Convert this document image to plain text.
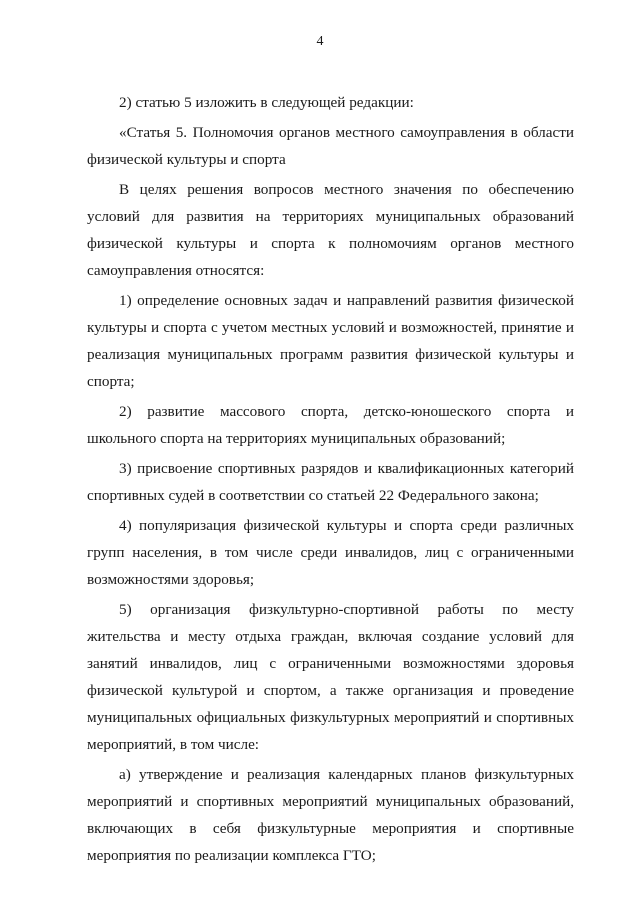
4

2) статью 5 изложить в следующей редакции:

«Статья 5. Полномочия органов местного самоуправления в области физической культуры и спорта

В целях решения вопросов местного значения по обеспечению условий для развития на территориях муниципальных образований физической культуры и спорта к полномочиям органов местного самоуправления относятся:

1) определение основных задач и направлений развития физической культуры и спорта с учетом местных условий и возможностей, принятие и реализация муниципальных программ развития физической культуры и спорта;

2) развитие массового спорта, детско-юношеского спорта и школьного спорта на территориях муниципальных образований;

3) присвоение спортивных разрядов и квалификационных категорий спортивных судей в соответствии со статьей 22 Федерального закона;

4) популяризация физической культуры и спорта среди различных групп населения, в том числе среди инвалидов, лиц с ограниченными возможностями здоровья;

5) организация физкультурно-спортивной работы по месту жительства и месту отдыха граждан, включая создание условий для занятий инвалидов, лиц с ограниченными возможностями здоровья физической культурой и спортом, а также организация и проведение муниципальных официальных физкультурных мероприятий и спортивных мероприятий, в том числе:

а) утверждение и реализация календарных планов физкультурных мероприятий и спортивных мероприятий муниципальных образований, включающих в себя физкультурные мероприятия и спортивные мероприятия по реализации комплекса ГТО;
